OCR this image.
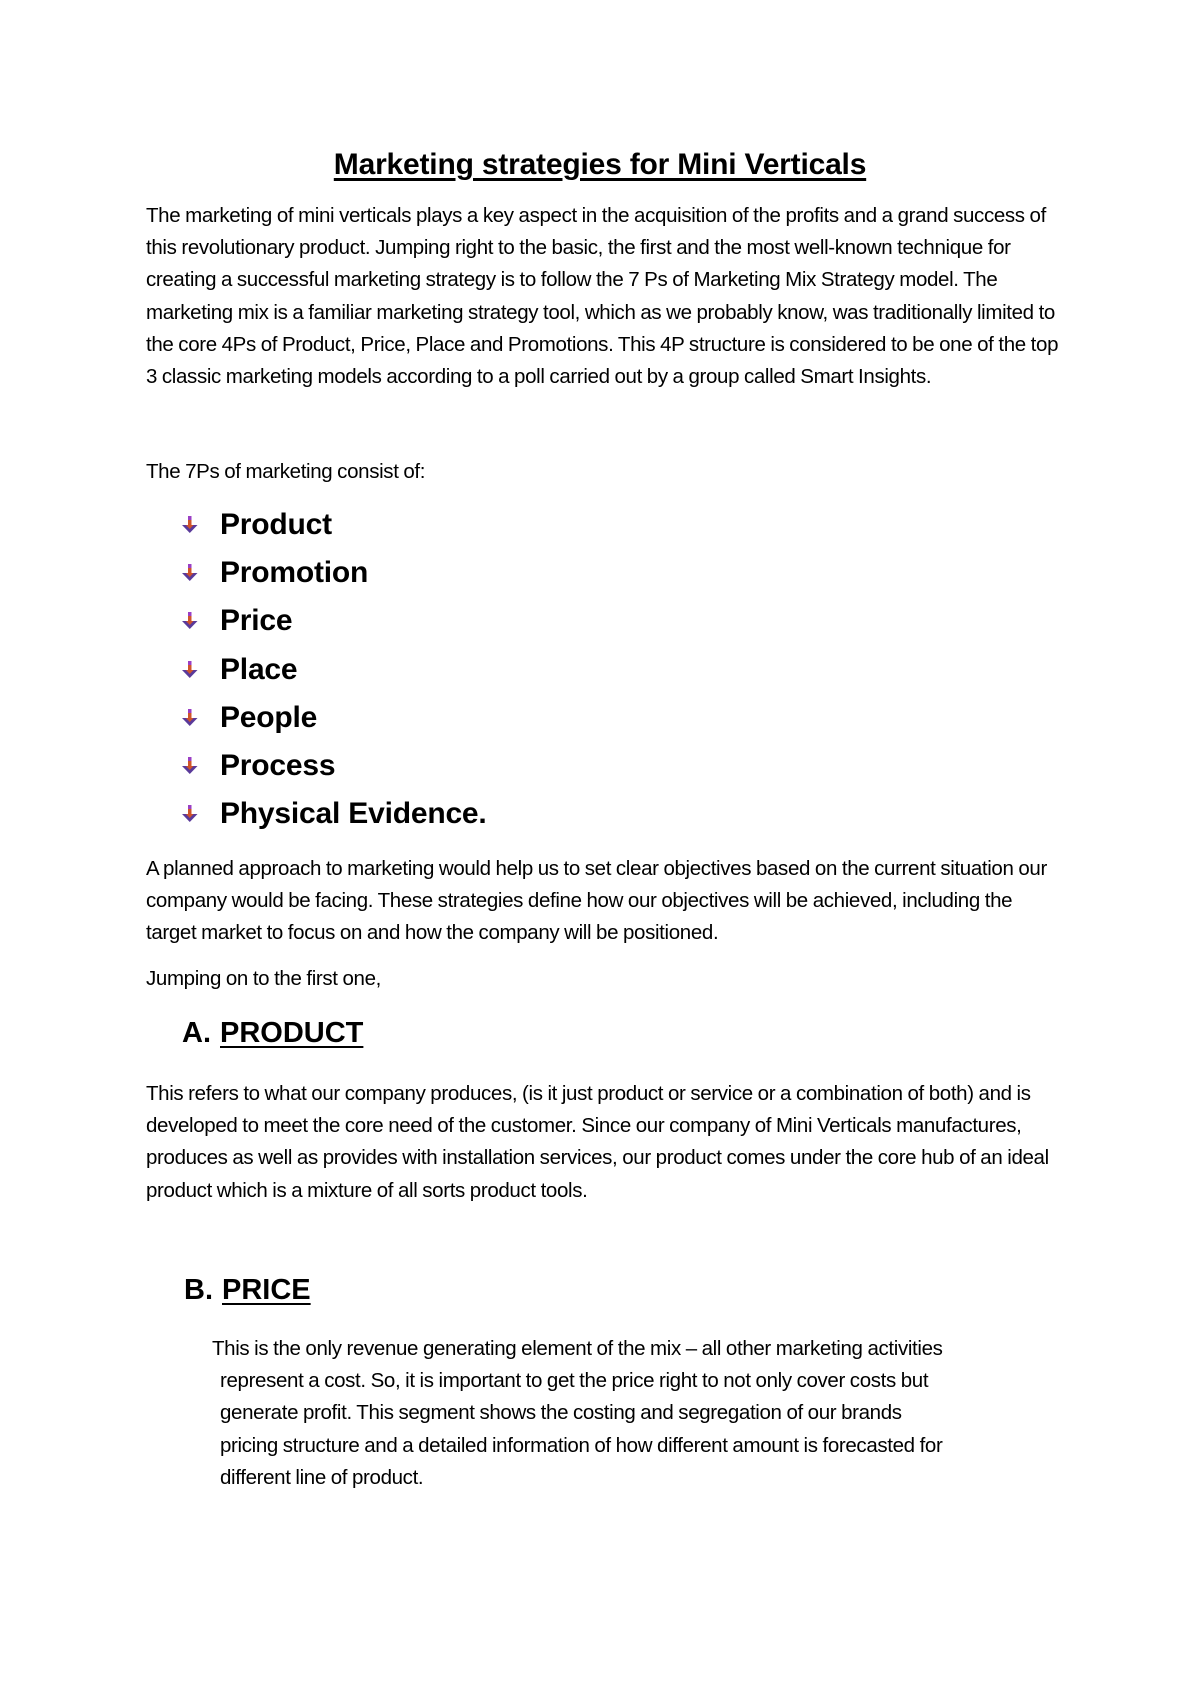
Marketing strategies for Mini Verticals

The marketing of mini verticals plays a key aspect in the acquisition of the profits and a grand success of this revolutionary product. Jumping right to the basic, the first and the most well-known technique for creating a successful marketing strategy is to follow the 7 Ps of Marketing Mix Strategy model. The marketing mix is a familiar marketing strategy tool, which as we probably know, was traditionally limited to the core 4Ps of Product, Price, Place and Promotions. This 4P structure is considered to be one of the top 3 classic marketing models according to a poll carried out by a group called Smart Insights.

The 7Ps of marketing consist of:

Product
Promotion
Price
Place
People
Process
Physical Evidence.

A planned approach to marketing would help us to set clear objectives based on the current situation our company would be facing. These strategies define how our objectives will be achieved, including the target market to focus on and how the company will be positioned.

Jumping on to the first one,

A. PRODUCT

This refers to what our company produces, (is it just product or service or a combination of both) and is developed to meet the core need of the customer. Since our company of Mini Verticals manufactures, produces as well as provides with installation services, our product comes under the core hub of an ideal product which is a mixture of all sorts product tools.

B. PRICE

This is the only revenue generating element of the mix – all other marketing activities
represent a cost. So, it is important to get the price right to not only cover costs but
generate profit. This segment shows the costing and segregation of our brands
pricing structure and a detailed information of how different amount is forecasted for
different line of product.
